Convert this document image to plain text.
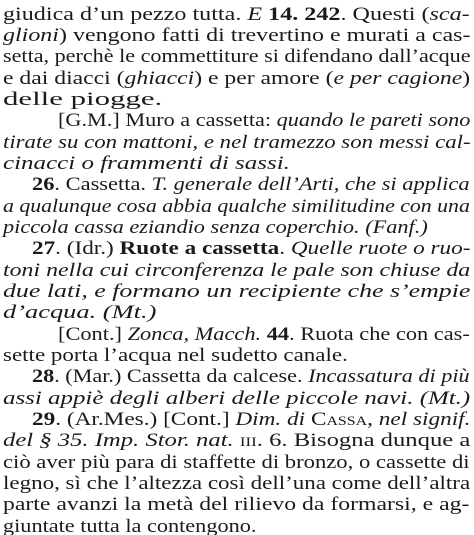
giudica d’un pezzo tutta. E 14. 242. Questi (sca-
glioni) vengono fatti di trevertino e murati a cas-
setta, perchè le commettiture si difendano dall’acque
e dai diacci (ghiacci) e per amore (e per cagione)
delle piogge.
[G.M.] Muro a cassetta: quando le pareti sono
tirate su con mattoni, e nel tramezzo son messi cal-
cinacci o frammenti di sassi.
26. Cassetta. T. generale dell’Arti, che si applica
a qualunque cosa abbia qualche similitudine con una
piccola cassa eziandio senza coperchio. (Fanf.)
27. (Idr.) Ruote a cassetta. Quelle ruote o ruo-
toni nella cui circonferenza le pale son chiuse da
due lati, e formano un recipiente che s’empie
d’acqua. (Mt.)
[Cont.] Zonca, Macch. 44. Ruota che con cas-
sette porta l’acqua nel sudetto canale.
28. (Mar.) Cassetta da calcese. Incassatura di più
assi appiè degli alberi delle piccole navi. (Mt.)
29. (Ar.Mes.) [Cont.] Dim. di Cassa, nel signif.
del § 35. Imp. Stor. nat. iii. 6. Bisogna dunque a
ciò aver più para di staffette di bronzo, o cassette di
legno, sì che l’altezza così dell’una come dell’altra
parte avanzi la metà del rilievo da formarsi, e ag-
giuntate tutta la contengono.
